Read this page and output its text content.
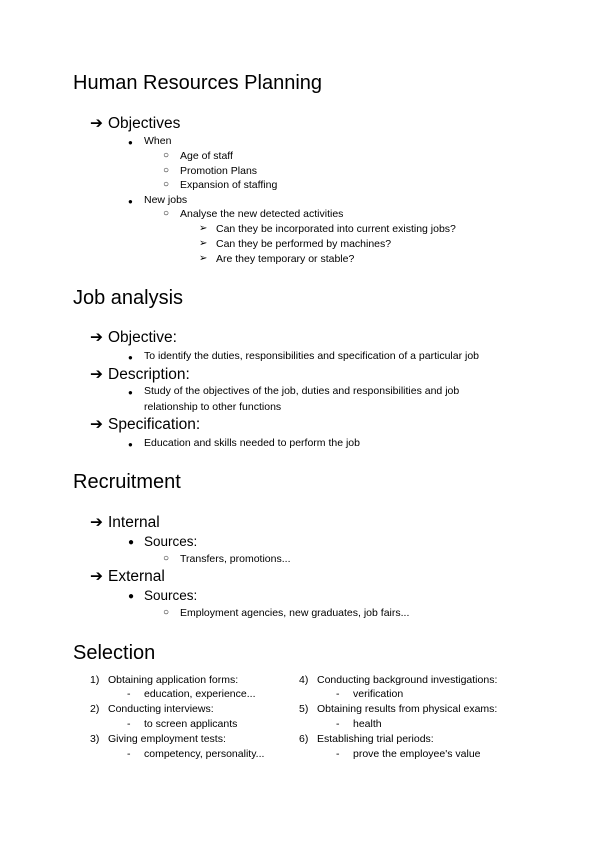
Human Resources Planning
➔ Objectives
● When
○ Age of staff
○ Promotion Plans
○ Expansion of staffing
● New jobs
○ Analyse the new detected activities
➢ Can they be incorporated into current existing jobs?
➢ Can they be performed by machines?
➢ Are they temporary or stable?
Job analysis
➔ Objective:
● To identify the duties, responsibilities and specification of a particular job
➔ Description:
● Study of the objectives of the job, duties and responsibilities and job
relationship to other functions
➔ Specification:
● Education and skills needed to perform the job
Recruitment
➔ Internal
● Sources:
○ Transfers, promotions...
➔ External
● Sources:
○ Employment agencies, new graduates, job fairs...
Selection
1) Obtaining application forms:
- education, experience...
2) Conducting interviews:
- to screen applicants
3) Giving employment tests:
- competency, personality...
4) Conducting background investigations:
- verification
5) Obtaining results from physical exams:
- health
6) Establishing trial periods:
- prove the employee's value
